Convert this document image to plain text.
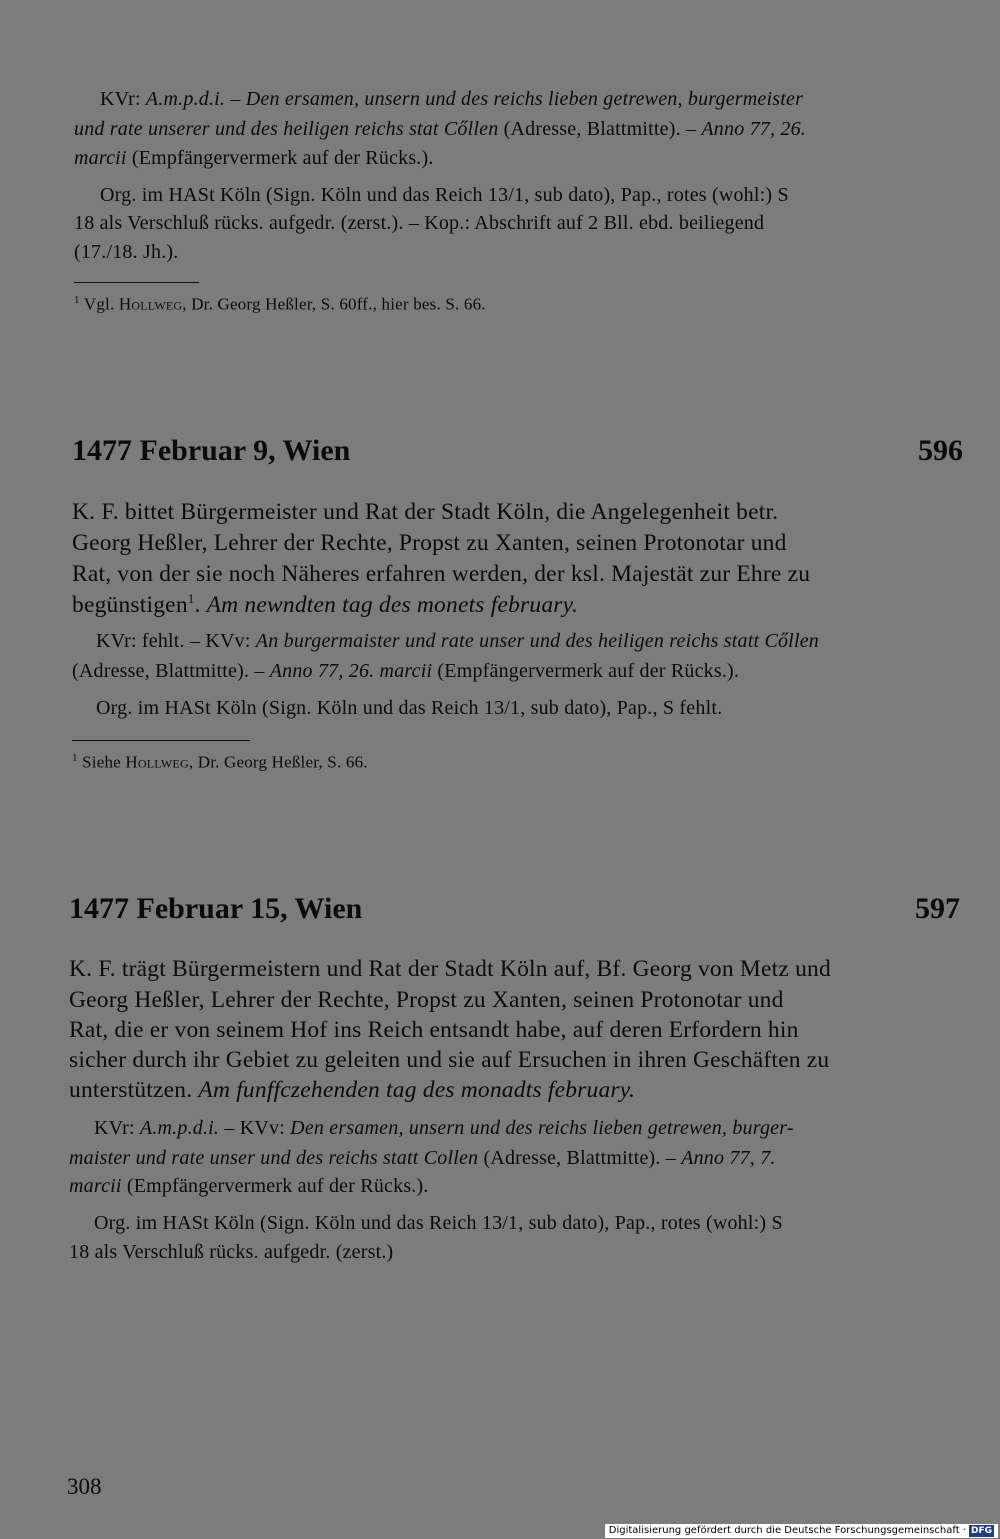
KVr: A.m.p.d.i. – Den ersamen, unsern und des reichs lieben getrewen, burgermeister
und rate unserer und des heiligen reichs stat Cőllen (Adresse, Blattmitte). – Anno 77, 26.
marcii (Empfängervermerk auf der Rücks.).
Org. im HASt Köln (Sign. Köln und das Reich 13/1, sub dato), Pap., rotes (wohl:) S
18 als Verschluß rücks. aufgedr. (zerst.). – Kop.: Abschrift auf 2 Bll. ebd. beiliegend
(17./18. Jh.).
$^1$ Vgl. Hollweg, Dr. Georg Heßler, S. 60ff., hier bes. S. 66.
1477 Februar 9, Wien	596
K. F. bittet Bürgermeister und Rat der Stadt Köln, die Angelegenheit betr.
Georg Heßler, Lehrer der Rechte, Propst zu Xanten, seinen Protonotar und
Rat, von der sie noch Näheres erfahren werden, der ksl. Majestät zur Ehre zu
begünstigen$^1$. Am newndten tag des monets february.
KVr: fehlt. – KVv: An burgermaister und rate unser und des heiligen reichs statt Cőllen
(Adresse, Blattmitte). – Anno 77, 26. marcii (Empfängervermerk auf der Rücks.).
Org. im HASt Köln (Sign. Köln und das Reich 13/1, sub dato), Pap., S fehlt.
$^1$ Siehe Hollweg, Dr. Georg Heßler, S. 66.
1477 Februar 15, Wien	597
K. F. trägt Bürgermeistern und Rat der Stadt Köln auf, Bf. Georg von Metz und
Georg Heßler, Lehrer der Rechte, Propst zu Xanten, seinen Protonotar und
Rat, die er von seinem Hof ins Reich entsandt habe, auf deren Erfordern hin
sicher durch ihr Gebiet zu geleiten und sie auf Ersuchen in ihren Geschäften zu
unterstützen. Am funffczehenden tag des monadts february.
KVr: A.m.p.d.i. – KVv: Den ersamen, unsern und des reichs lieben getrewen, burger-
maister und rate unser und des reichs statt Collen (Adresse, Blattmitte). – Anno 77, 7.
marcii (Empfängervermerk auf der Rücks.).
Org. im HASt Köln (Sign. Köln und das Reich 13/1, sub dato), Pap., rotes (wohl:) S
18 als Verschluß rücks. aufgedr. (zerst.)
308
Digitalisierung gefördert durch die Deutsche Forschungsgemeinschaft · DFG
